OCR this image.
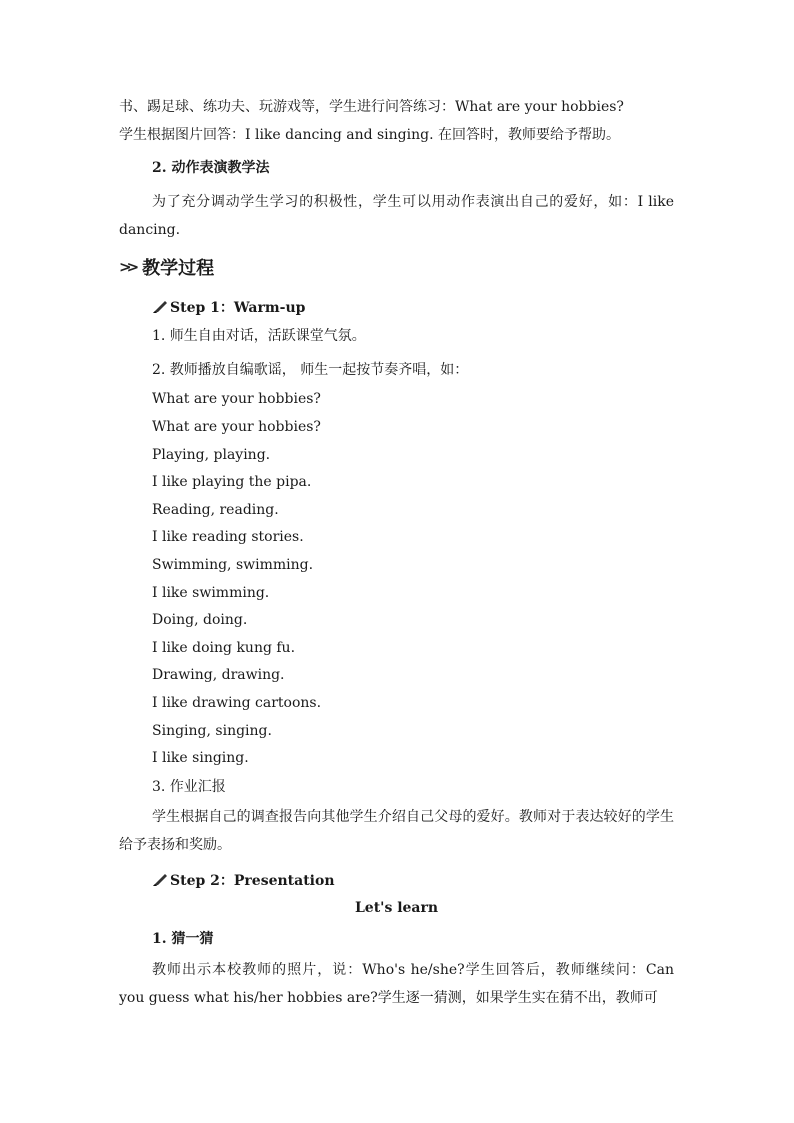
书、踢足球、练功夫、玩游戏等，学生进行问答练习：What are your hobbies?
学生根据图片回答：I like dancing and singing. 在回答时，教师要给予帮助。
2. 动作表演教学法
为了充分调动学生学习的积极性，学生可以用动作表演出自己的爱好，如：I like dancing.
>> 教学过程
Step 1：Warm-up
1. 师生自由对话，活跃课堂气氛。
2. 教师播放自编歌谣， 师生一起按节奏齐唱，如：
What are your hobbies?
What are your hobbies?
Playing, playing.
I like playing the pipa.
Reading, reading.
I like reading stories.
Swimming, swimming.
I like swimming.
Doing, doing.
I like doing kung fu.
Drawing, drawing.
I like drawing cartoons.
Singing, singing.
I like singing.
3. 作业汇报
学生根据自己的调查报告向其他学生介绍自己父母的爱好。教师对于表达较好的学生给予表扬和奖励。
Step 2：Presentation
Let's learn
1. 猜一猜
教师出示本校教师的照片，说：Who's he/she?学生回答后，教师继续问：Can you guess what his/her hobbies are?学生逐一猜测，如果学生实在猜不出，教师可
